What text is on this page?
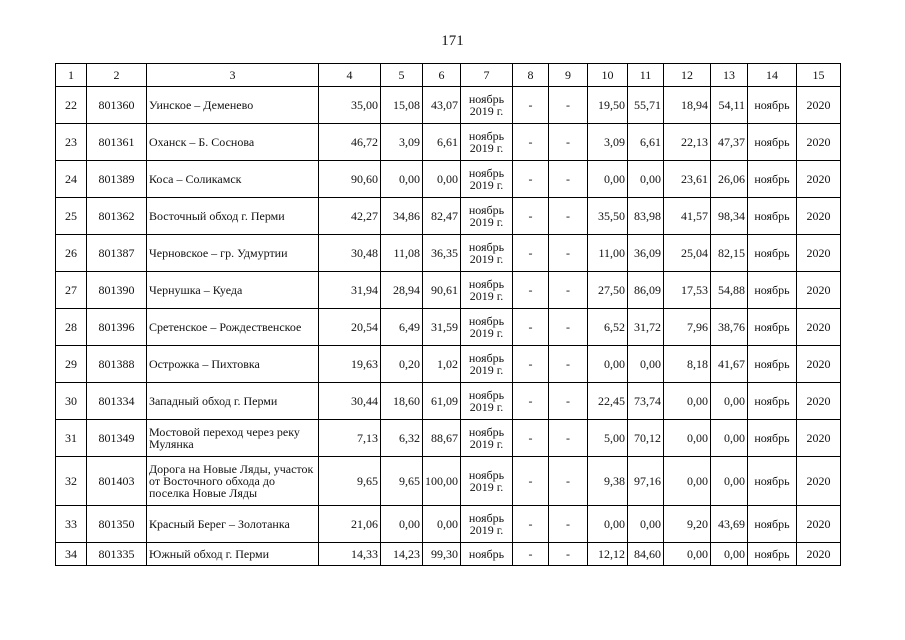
171
1	2	3	4	5	6	7	8	9	10	11	12	13	14	15
22	801360	Уинское – Деменево	35,00	15,08	43,07	ноябрь 2019 г.	-	-	19,50	55,71	18,94	54,11	ноябрь	2020
23	801361	Оханск – Б. Соснова	46,72	3,09	6,61	ноябрь 2019 г.	-	-	3,09	6,61	22,13	47,37	ноябрь	2020
24	801389	Коса – Соликамск	90,60	0,00	0,00	ноябрь 2019 г.	-	-	0,00	0,00	23,61	26,06	ноябрь	2020
25	801362	Восточный обход г. Перми	42,27	34,86	82,47	ноябрь 2019 г.	-	-	35,50	83,98	41,57	98,34	ноябрь	2020
26	801387	Черновское – гр. Удмуртии	30,48	11,08	36,35	ноябрь 2019 г.	-	-	11,00	36,09	25,04	82,15	ноябрь	2020
27	801390	Чернушка – Куеда	31,94	28,94	90,61	ноябрь 2019 г.	-	-	27,50	86,09	17,53	54,88	ноябрь	2020
28	801396	Сретенское – Рождественское	20,54	6,49	31,59	ноябрь 2019 г.	-	-	6,52	31,72	7,96	38,76	ноябрь	2020
29	801388	Острожка – Пихтовка	19,63	0,20	1,02	ноябрь 2019 г.	-	-	0,00	0,00	8,18	41,67	ноябрь	2020
30	801334	Западный обход г. Перми	30,44	18,60	61,09	ноябрь 2019 г.	-	-	22,45	73,74	0,00	0,00	ноябрь	2020
31	801349	Мостовой переход через реку Мулянка	7,13	6,32	88,67	ноябрь 2019 г.	-	-	5,00	70,12	0,00	0,00	ноябрь	2020
32	801403	Дорога на Новые Ляды, участок от Восточного обхода до поселка Новые Ляды	9,65	9,65	100,00	ноябрь 2019 г.	-	-	9,38	97,16	0,00	0,00	ноябрь	2020
33	801350	Красный Берег – Золотанка	21,06	0,00	0,00	ноябрь 2019 г.	-	-	0,00	0,00	9,20	43,69	ноябрь	2020
34	801335	Южный обход г. Перми	14,33	14,23	99,30	ноябрь	-	-	12,12	84,60	0,00	0,00	ноябрь	2020
